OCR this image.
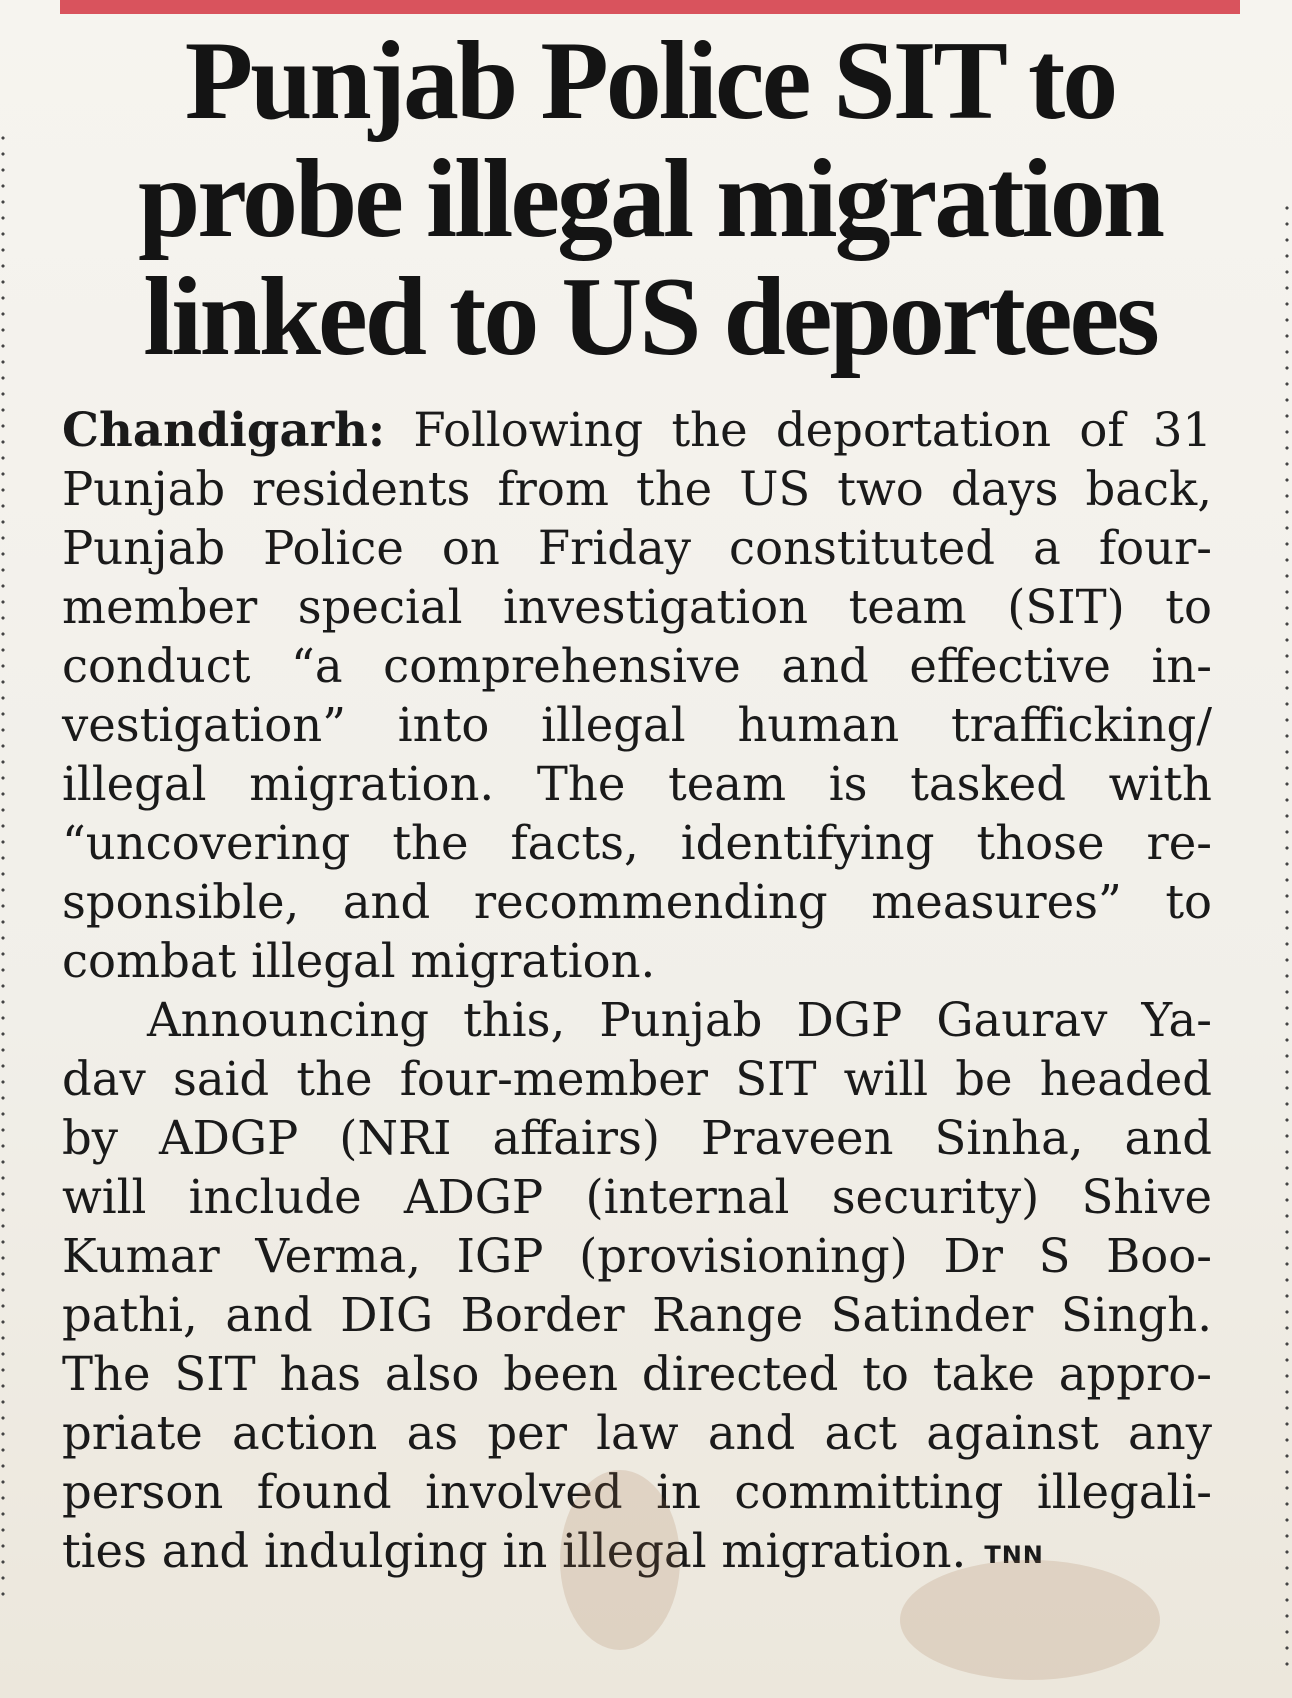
Punjab Police SIT to
probe illegal migration
linked to US deportees
Chandigarh: Following the deportation of 31
Punjab residents from the US two days back,
Punjab Police on Friday constituted a four-
member special investigation team (SIT) to
conduct “a comprehensive and effective in-
vestigation” into illegal human trafficking/
illegal migration. The team is tasked with
“uncovering the facts, identifying those re-
sponsible, and recommending measures” to
combat illegal migration.
Announcing this, Punjab DGP Gaurav Ya-
dav said the four-member SIT will be headed
by ADGP (NRI affairs) Praveen Sinha, and
will include ADGP (internal security) Shive
Kumar Verma, IGP (provisioning) Dr S Boo-
pathi, and DIG Border Range Satinder Singh.
The SIT has also been directed to take appro-
priate action as per law and act against any
person found involved in committing illegali-
ties and indulging in illegal migration. TNN
